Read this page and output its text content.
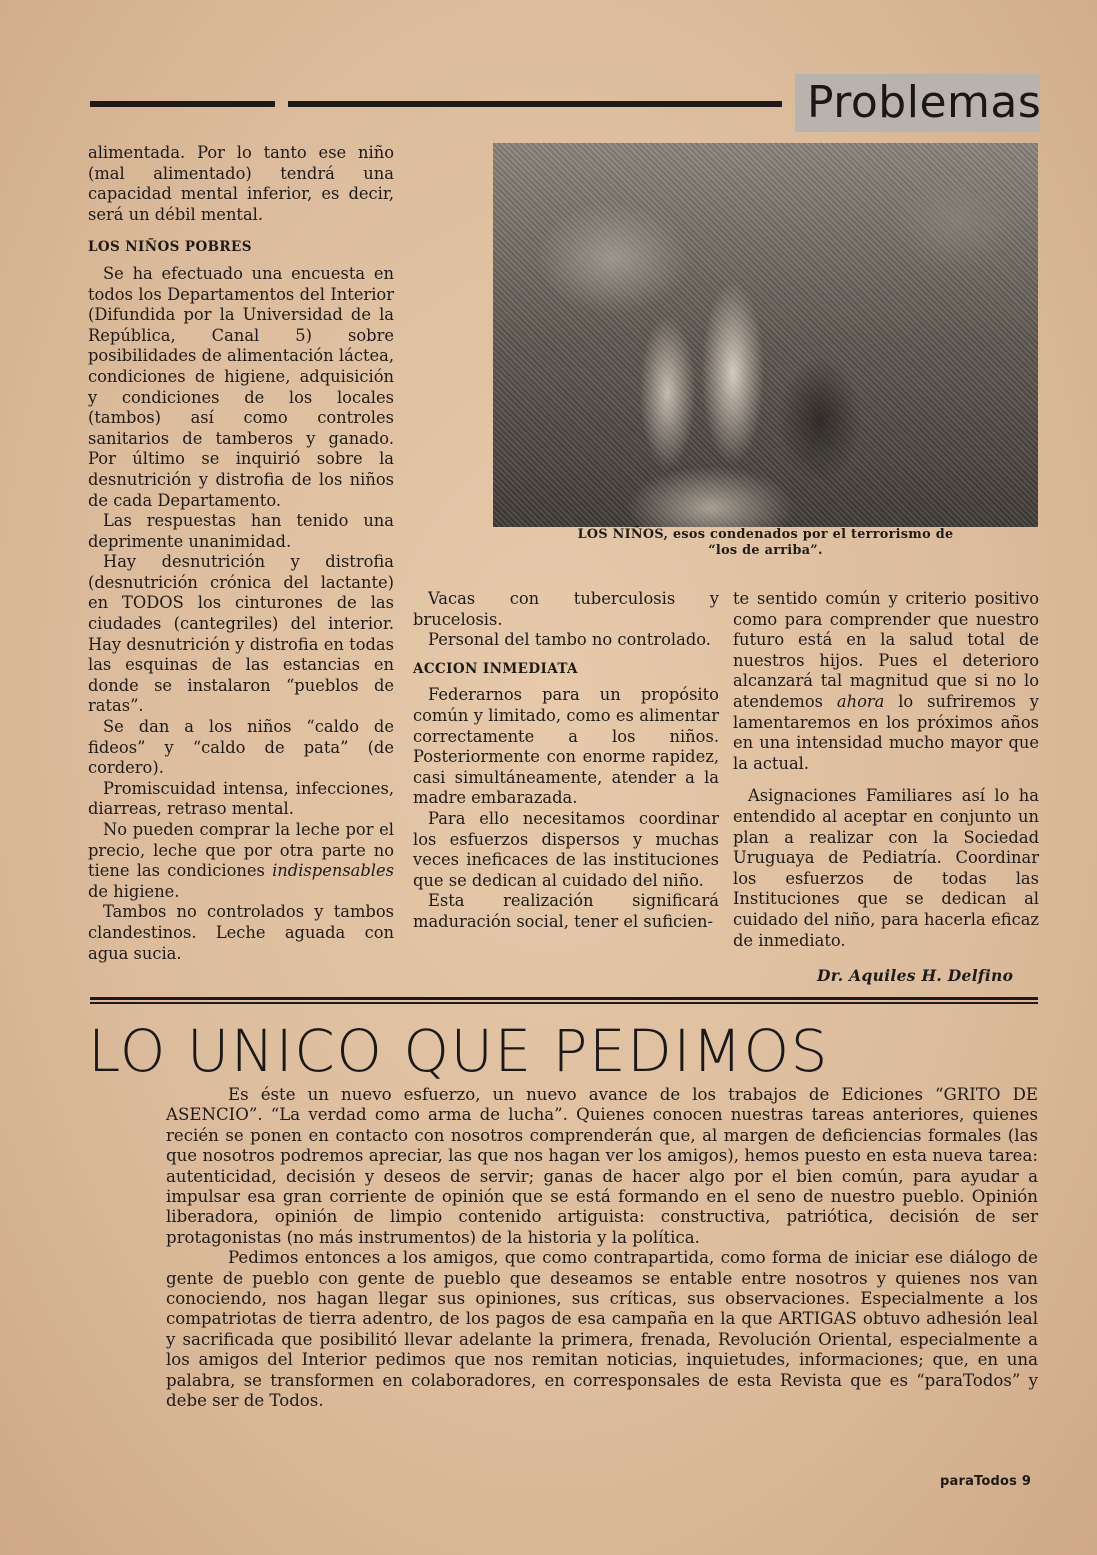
Problemas

alimentada. Por lo tanto ese niño (mal alimentado) tendrá una capacidad mental inferior, es decir, será un débil mental.

LOS NIÑOS POBRES

Se ha efectuado una encuesta en todos los Departamentos del Interior (Difundida por la Universidad de la República, Canal 5) sobre posibilidades de alimentación láctea, condiciones de higiene, adquisición y condiciones de los locales (tambos) así como controles sanitarios de tamberos y ganado. Por último se inquirió sobre la desnutrición y distrofia de los niños de cada Departamento.

Las respuestas han tenido una deprimente unanimidad.

Hay desnutrición y distrofia (desnutrición crónica del lactante) en TODOS los cinturones de las ciudades (cantegriles) del interior. Hay desnutrición y distrofia en todas las esquinas de las estancias en donde se instalaron “pueblos de ratas”.

Se dan a los niños “caldo de fideos” y “caldo de pata” (de cordero).

Promiscuidad intensa, infecciones, diarreas, retraso mental.

No pueden comprar la leche por el precio, leche que por otra parte no tiene las condiciones indispensables de higiene.

Tambos no controlados y tambos clandestinos. Leche aguada con agua sucia.

LOS NIÑOS, esos condenados por el terrorismo de
“los de arriba”.

Vacas con tuberculosis y brucelosis.

Personal del tambo no controlado.

ACCION INMEDIATA

Federarnos para un propósito común y limitado, como es alimentar correctamente a los niños. Posteriormente con enorme rapidez, casi simultáneamente, atender a la madre embarazada.

Para ello necesitamos coordinar los esfuerzos dispersos y muchas veces ineficaces de las instituciones que se dedican al cuidado del niño.

Esta realización significará maduración social, tener el suficien-

te sentido común y criterio positivo como para comprender que nuestro futuro está en la salud total de nuestros hijos. Pues el deterioro alcanzará tal magnitud que si no lo atendemos ahora lo sufriremos y lamentaremos en los próximos años en una intensidad mucho mayor que la actual.

Asignaciones Familiares así lo ha entendido al aceptar en conjunto un plan a realizar con la Sociedad Uruguaya de Pediatría. Coordinar los esfuerzos de todas las Instituciones que se dedican al cuidado del niño, para hacerla eficaz de inmediato.

Dr. Aquiles H. Delfino
LO UNICO QUE PEDIMOS

Es éste un nuevo esfuerzo, un nuevo avance de los trabajos de Ediciones “GRITO DE ASENCIO”. “La verdad como arma de lucha”. Quienes conocen nuestras tareas anteriores, quienes recién se ponen en contacto con nosotros comprenderán que, al margen de deficiencias formales (las que nosotros podremos apreciar, las que nos hagan ver los amigos), hemos puesto en esta nueva tarea: autenticidad, decisión y deseos de servir; ganas de hacer algo por el bien común, para ayudar a impulsar esa gran corriente de opinión que se está formando en el seno de nuestro pueblo. Opinión liberadora, opinión de limpio contenido artiguista: constructiva, patriótica, decisión de ser protagonistas (no más instrumentos) de la historia y la política.

Pedimos entonces a los amigos, que como contrapartida, como forma de iniciar ese diálogo de gente de pueblo con gente de pueblo que deseamos se entable entre nosotros y quienes nos van conociendo, nos hagan llegar sus opiniones, sus críticas, sus observaciones. Especialmente a los compatriotas de tierra adentro, de los pagos de esa campaña en la que ARTIGAS obtuvo adhesión leal y sacrificada que posibilitó llevar adelante la primera, frenada, Revolución Oriental, especialmente a los amigos del Interior pedimos que nos remitan noticias, inquietudes, informaciones; que, en una palabra, se transformen en colaboradores, en corresponsales de esta Revista que es “paraTodos” y debe ser de Todos.

paraTodos 9
